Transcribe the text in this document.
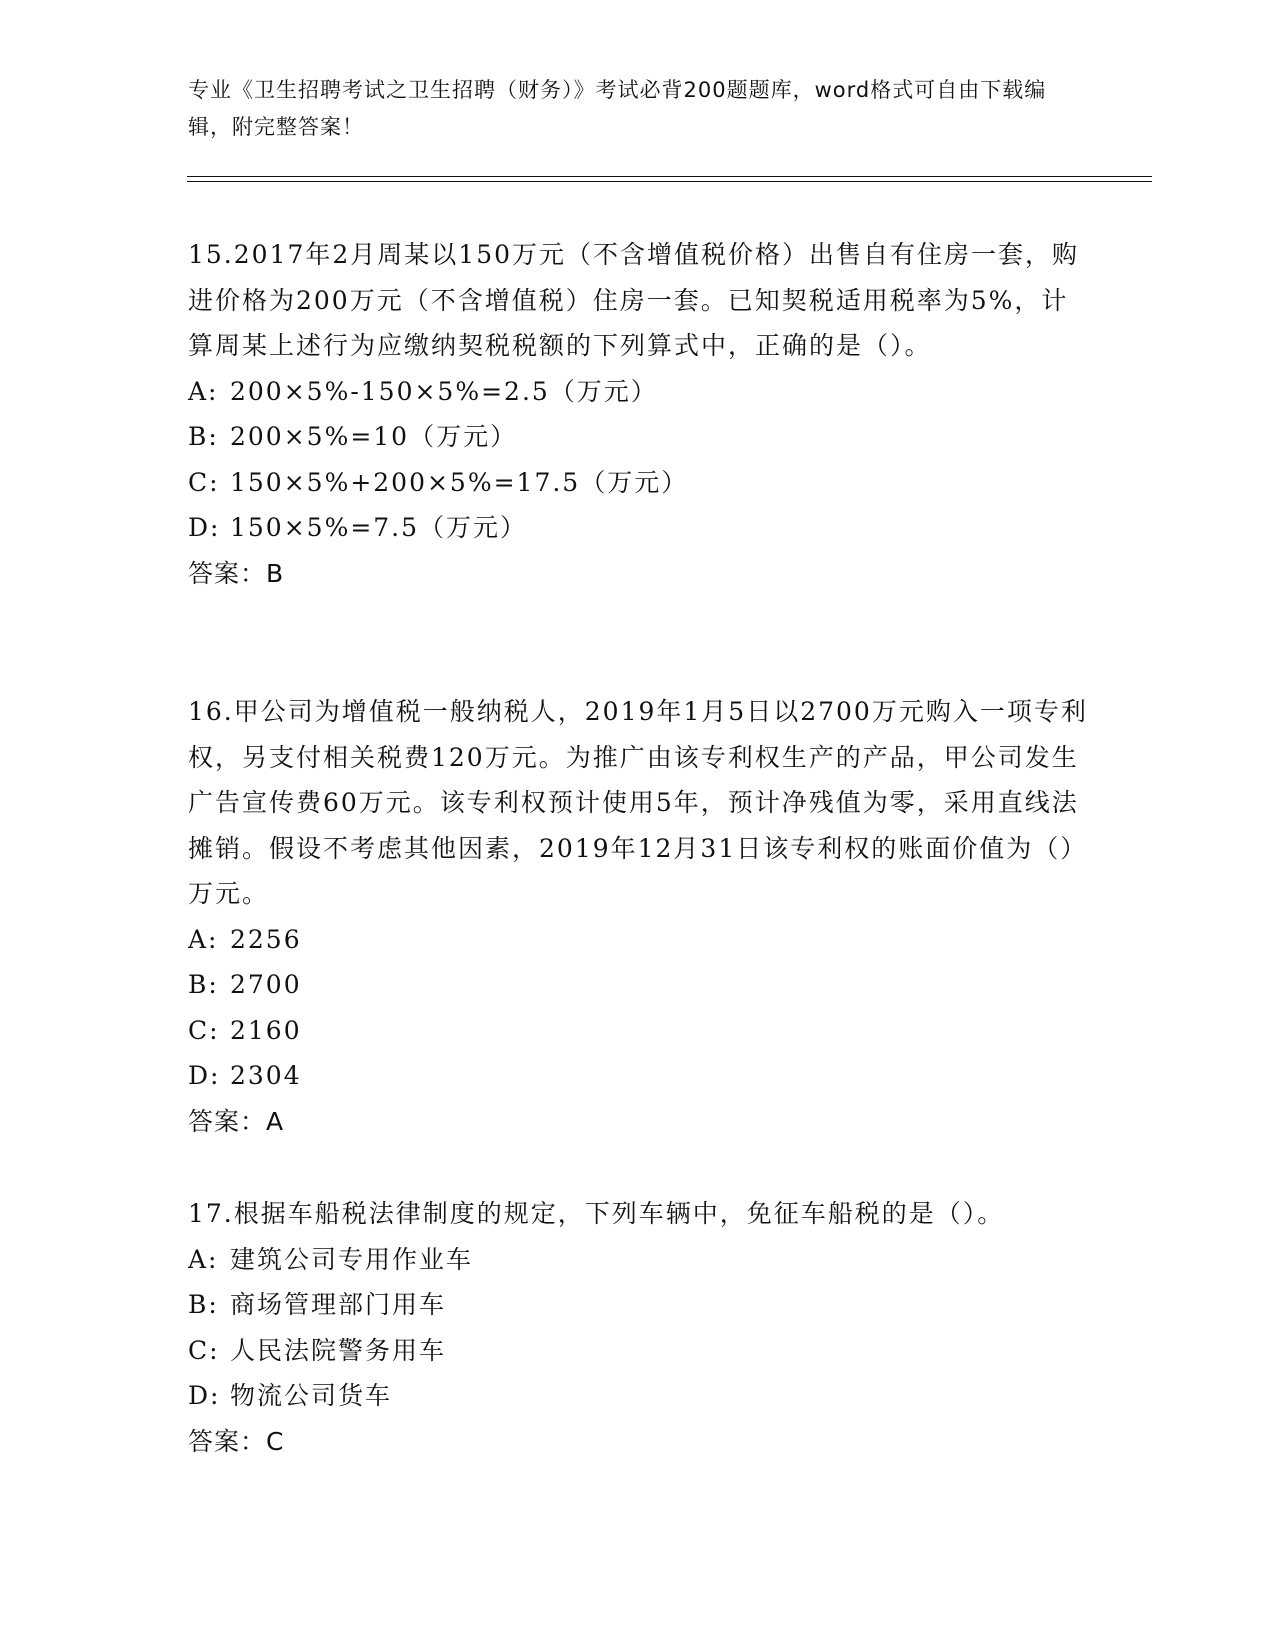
专业《卫生招聘考试之卫生招聘（财务）》考试必背200题题库，word格式可自由下载编辑，附完整答案！

15.2017年2月周某以150万元（不含增值税价格）出售自有住房一套，购进价格为200万元（不含增值税）住房一套。已知契税适用税率为5%，计算周某上述行为应缴纳契税税额的下列算式中，正确的是（）。

A: 200×5%-150×5%=2.5（万元）

B: 200×5%=10（万元）

C: 150×5%+200×5%=17.5（万元）

D: 150×5%=7.5（万元）

答案：B

16.甲公司为增值税一般纳税人，2019年1月5日以2700万元购入一项专利权，另支付相关税费120万元。为推广由该专利权生产的产品，甲公司发生广告宣传费60万元。该专利权预计使用5年，预计净残值为零，采用直线法摊销。假设不考虑其他因素，2019年12月31日该专利权的账面价值为（）万元。

A: 2256

B: 2700

C: 2160

D: 2304

答案：A

17.根据车船税法律制度的规定，下列车辆中，免征车船税的是（）。

A: 建筑公司专用作业车

B: 商场管理部门用车

C: 人民法院警务用车

D: 物流公司货车

答案：C
